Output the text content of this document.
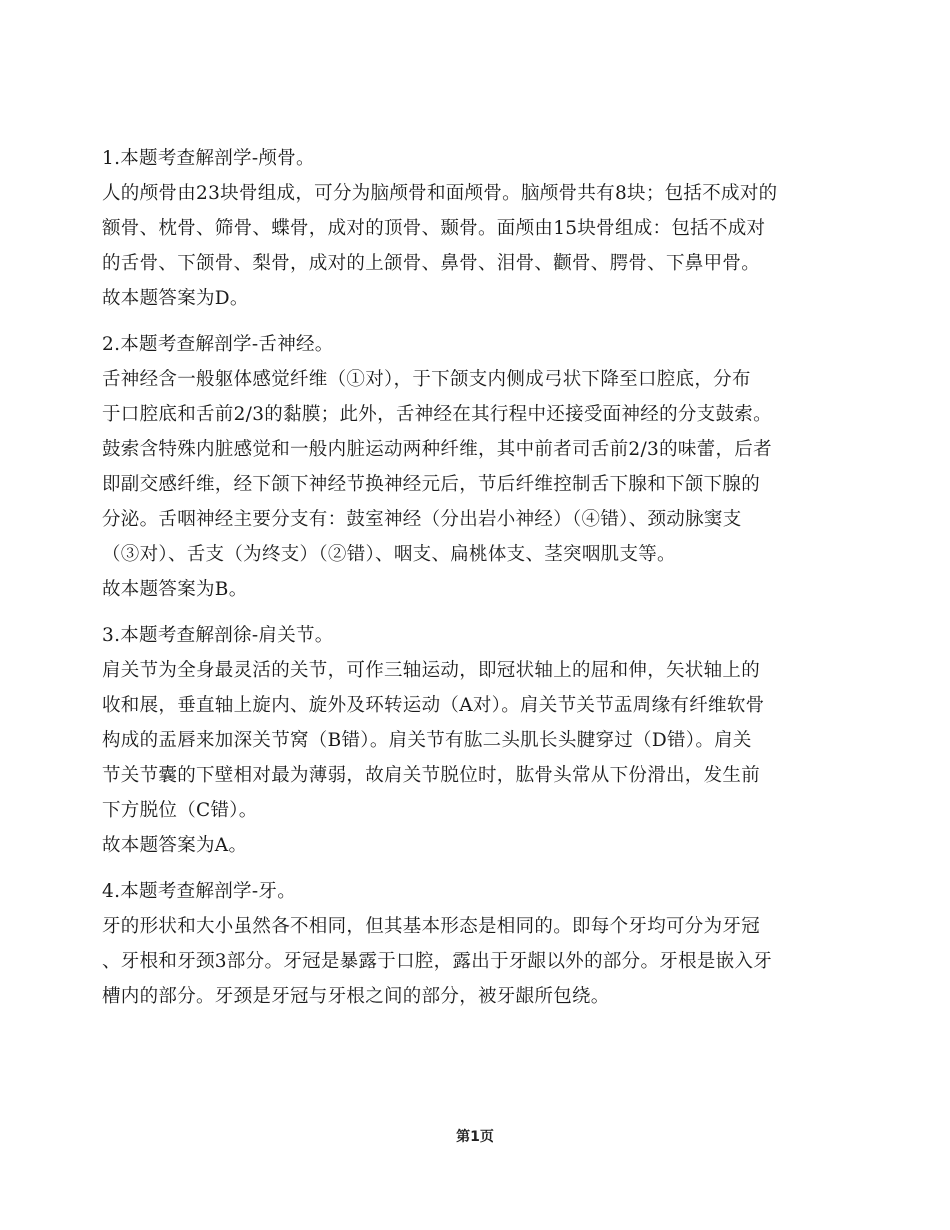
1.本题考查解剖学-颅骨。
人的颅骨由23块骨组成，可分为脑颅骨和面颅骨。脑颅骨共有8块；包括不成对的
额骨、枕骨、筛骨、蝶骨，成对的顶骨、颞骨。面颅由15块骨组成：包括不成对
的舌骨、下颌骨、梨骨，成对的上颌骨、鼻骨、泪骨、颧骨、腭骨、下鼻甲骨。
故本题答案为D。
2.本题考查解剖学-舌神经。
舌神经含一般躯体感觉纤维（①对），于下颌支内侧成弓状下降至口腔底，分布
于口腔底和舌前2/3的黏膜；此外，舌神经在其行程中还接受面神经的分支鼓索。
鼓索含特殊内脏感觉和一般内脏运动两种纤维，其中前者司舌前2/3的味蕾，后者
即副交感纤维，经下颌下神经节换神经元后，节后纤维控制舌下腺和下颌下腺的
分泌。舌咽神经主要分支有：鼓室神经（分出岩小神经）（④错）、颈动脉窦支
（③对）、舌支（为终支）（②错）、咽支、扁桃体支、茎突咽肌支等。
故本题答案为B。
3.本题考查解剖徐-肩关节。
肩关节为全身最灵活的关节，可作三轴运动，即冠状轴上的屈和伸，矢状轴上的
收和展，垂直轴上旋内、旋外及环转运动（A对）。肩关节关节盂周缘有纤维软骨
构成的盂唇来加深关节窝（B错）。肩关节有肱二头肌长头腱穿过（D错）。肩关
节关节囊的下壁相对最为薄弱，故肩关节脱位时，肱骨头常从下份滑出，发生前
下方脱位（C错）。
故本题答案为A。
4.本题考查解剖学-牙。
牙的形状和大小虽然各不相同，但其基本形态是相同的。即每个牙均可分为牙冠
、牙根和牙颈3部分。牙冠是暴露于口腔，露出于牙龈以外的部分。牙根是嵌入牙
槽内的部分。牙颈是牙冠与牙根之间的部分，被牙龈所包绕。
第1页
